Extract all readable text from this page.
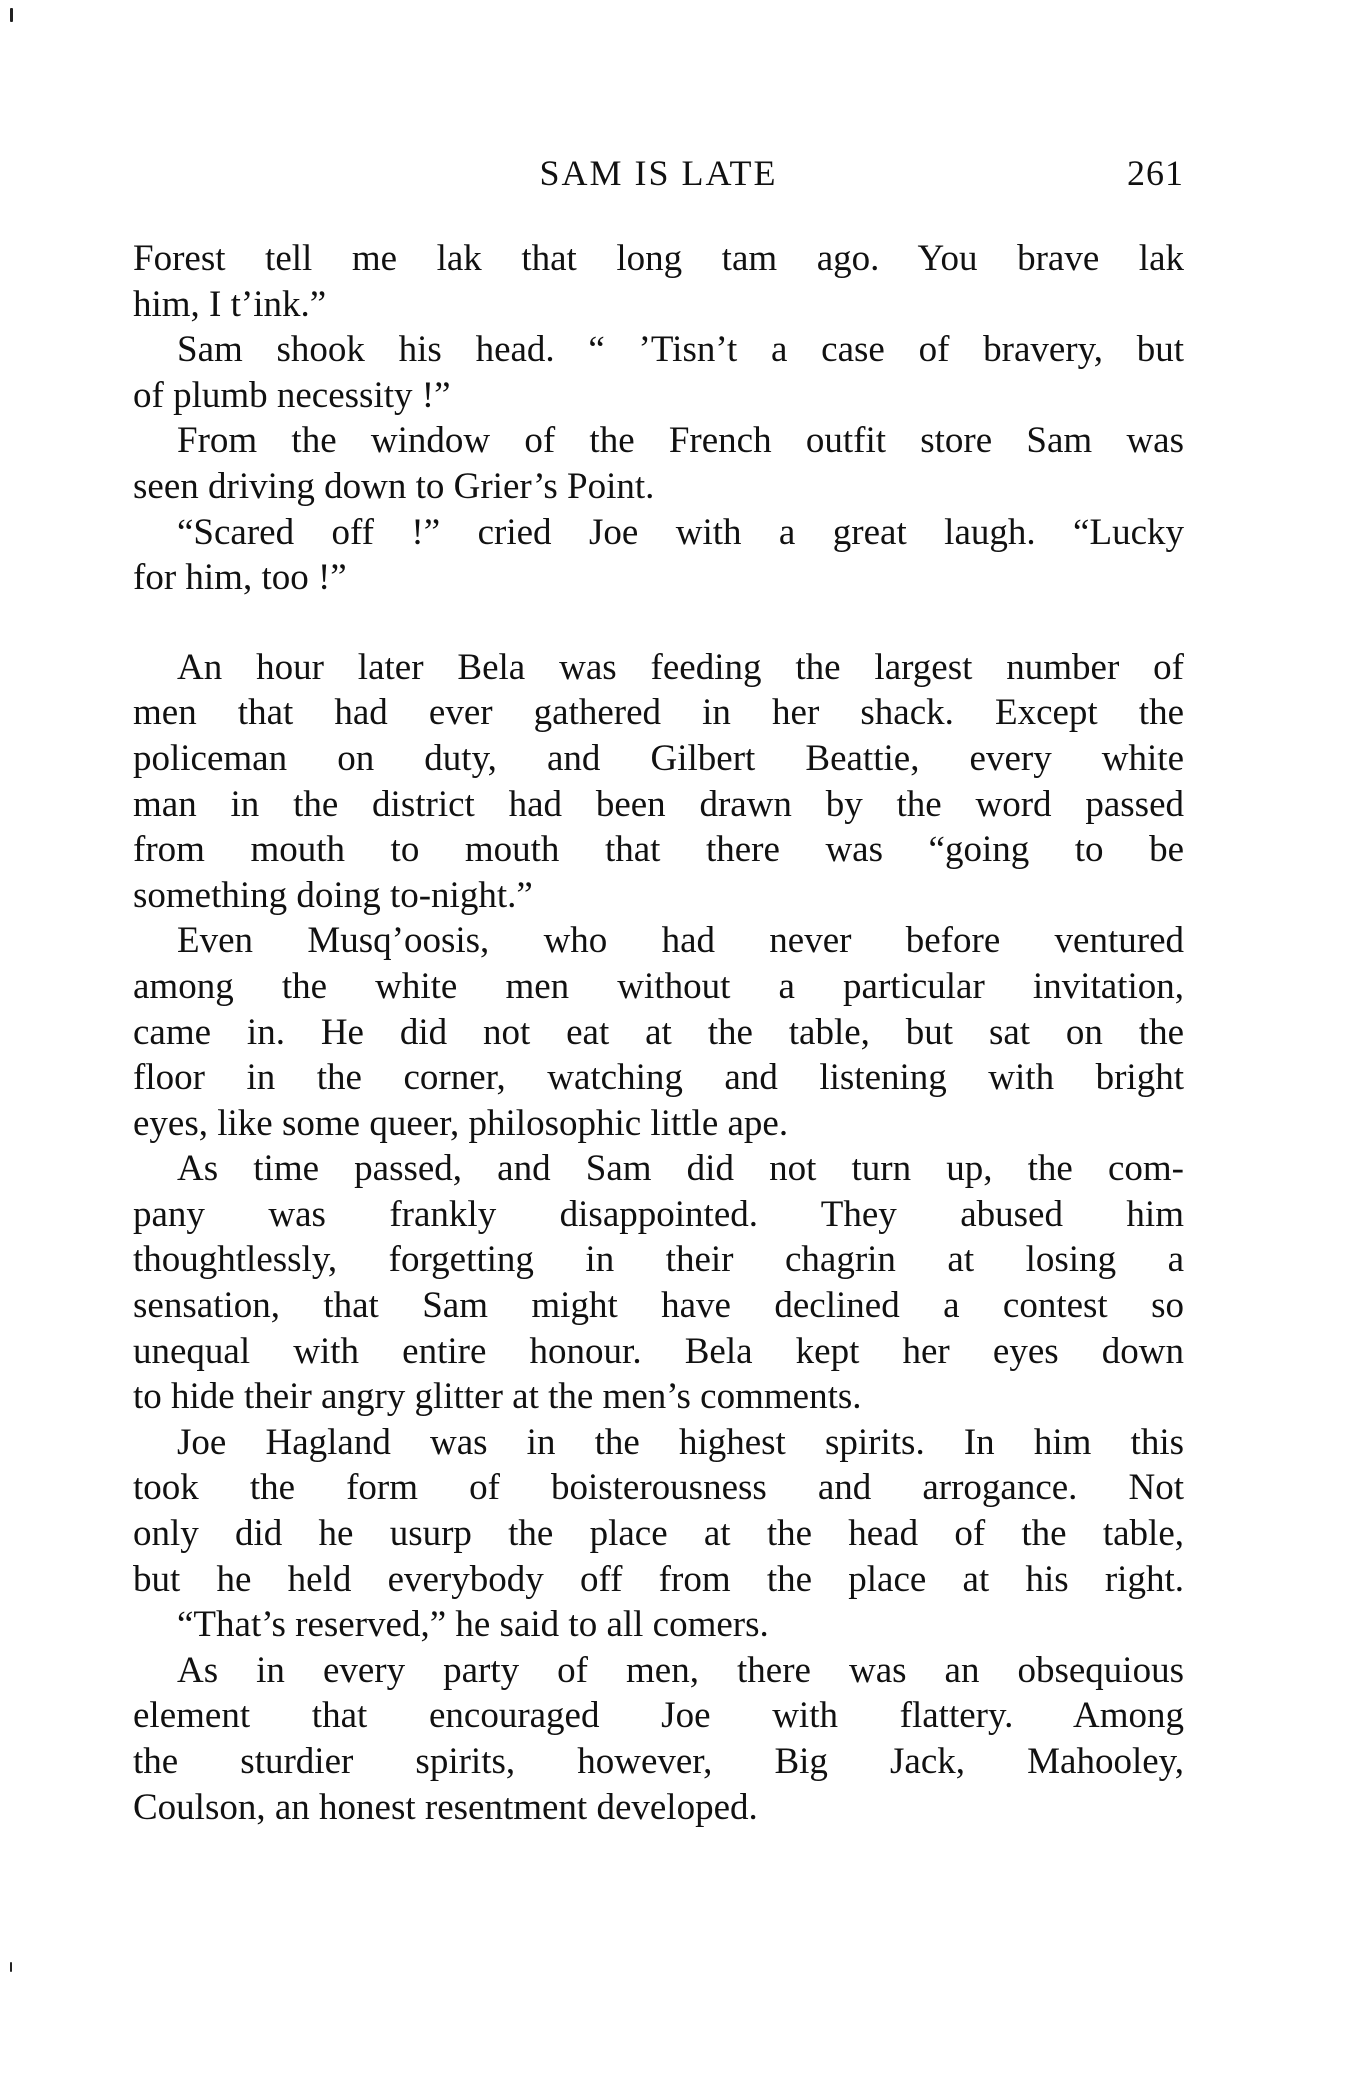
SAM IS LATE	261
Forest tell me lak that long tam ago. You brave lak
him, I t’ink.”
Sam shook his head. “ ’Tisn’t a case of bravery, but
of plumb necessity !”
From the window of the French outfit store Sam was
seen driving down to Grier’s Point.
“Scared off !” cried Joe with a great laugh. “Lucky
for him, too !”
An hour later Bela was feeding the largest number of
men that had ever gathered in her shack. Except the
policeman on duty, and Gilbert Beattie, every white
man in the district had been drawn by the word passed
from mouth to mouth that there was “going to be
something doing to-night.”
Even Musq’oosis, who had never before ventured
among the white men without a particular invitation,
came in. He did not eat at the table, but sat on the
floor in the corner, watching and listening with bright
eyes, like some queer, philosophic little ape.
As time passed, and Sam did not turn up, the com-
pany was frankly disappointed. They abused him
thoughtlessly, forgetting in their chagrin at losing a
sensation, that Sam might have declined a contest so
unequal with entire honour. Bela kept her eyes down
to hide their angry glitter at the men’s comments.
Joe Hagland was in the highest spirits. In him this
took the form of boisterousness and arrogance. Not
only did he usurp the place at the head of the table,
but he held everybody off from the place at his right.
“That’s reserved,” he said to all comers.
As in every party of men, there was an obsequious
element that encouraged Joe with flattery. Among
the sturdier spirits, however, Big Jack, Mahooley,
Coulson, an honest resentment developed.
